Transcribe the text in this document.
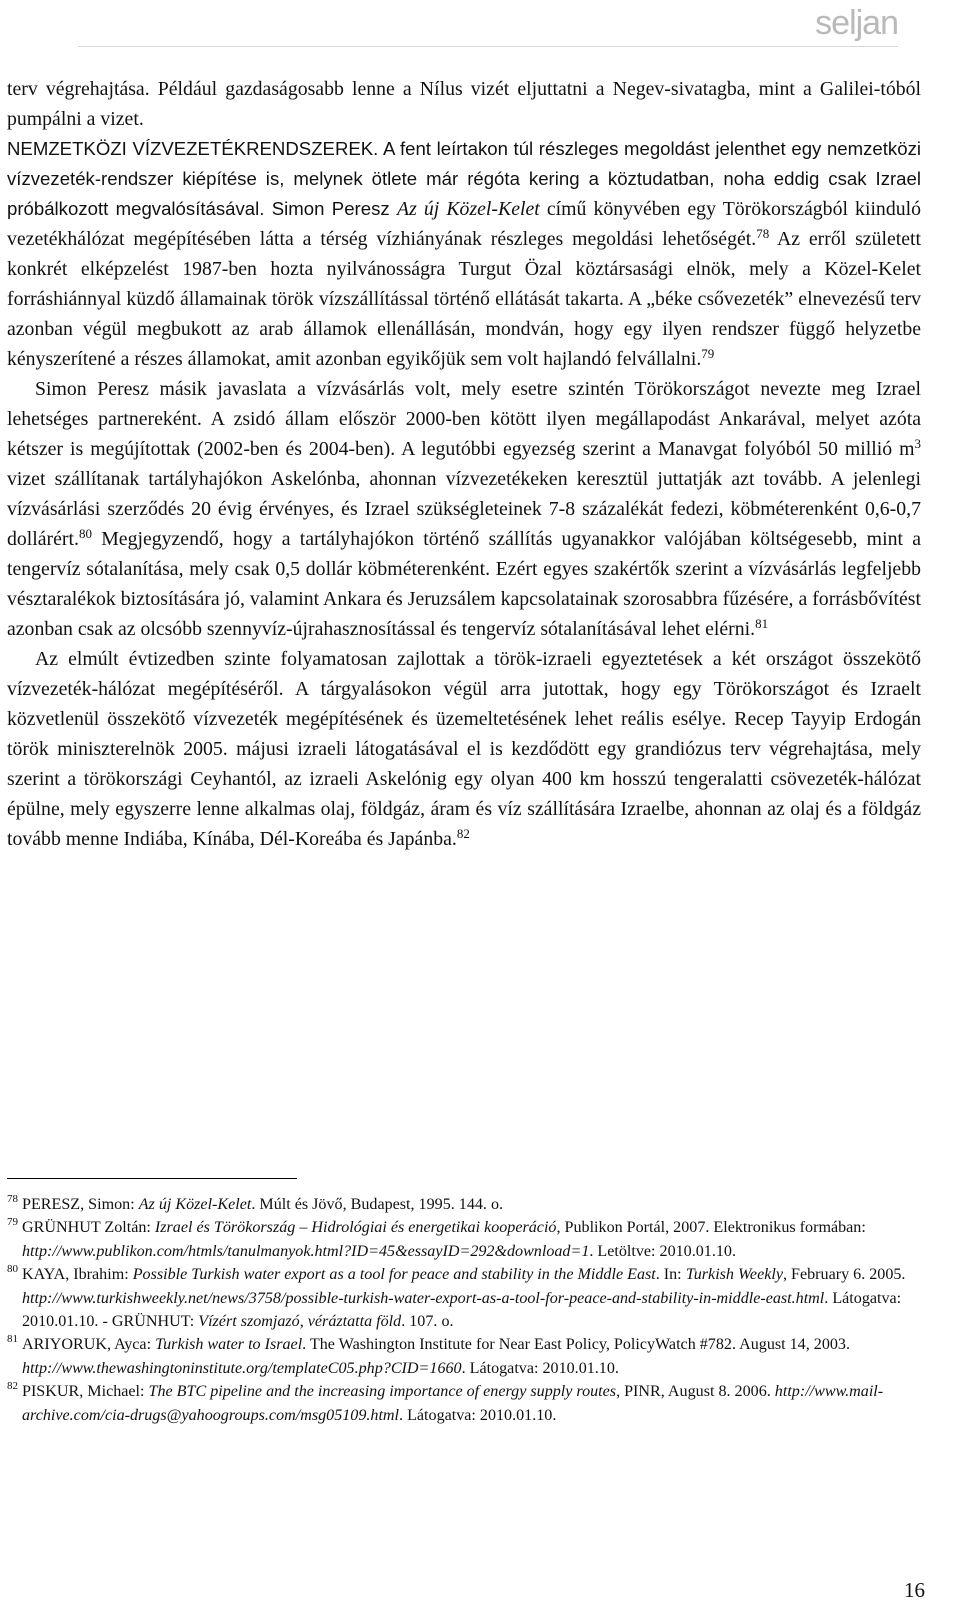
seljan

terv végrehajtása. Például gazdaságosabb lenne a Nílus vizét eljuttatni a Negev-sivatagba, mint a Galilei-tóból pumpálni a vizet.

NEMZETKÖZI VÍZVEZETÉKRENDSZEREK. A fent leírtakon túl részleges megoldást jelenthet egy nemzetközi vízvezeték-rendszer kiépítése is, melynek ötlete már régóta kering a köztudatban, noha eddig csak Izrael próbálkozott megvalósításával. Simon Peresz Az új Közel-Kelet című könyvében egy Törökországból kiinduló vezetékhálózat megépítésében látta a térség vízhiányának részleges megoldási lehetőségét.$^{78}$ Az erről született konkrét elképzelést 1987-ben hozta nyilvánosságra Turgut Özal köztársasági elnök, mely a Közel-Kelet forráshiánnyal küzdő államainak török vízszállítással történő ellátását takarta. A „béke csővezeték” elnevezésű terv azonban végül megbukott az arab államok ellenállásán, mondván, hogy egy ilyen rendszer függő helyzetbe kényszerítené a részes államokat, amit azonban egyikőjük sem volt hajlandó felvállalni.$^{79}$

Simon Peresz másik javaslata a vízvásárlás volt, mely esetre szintén Törökországot nevezte meg Izrael lehetséges partnereként. A zsidó állam először 2000-ben kötött ilyen megállapodást Ankarával, melyet azóta kétszer is megújítottak (2002-ben és 2004-ben). A legutóbbi egyezség szerint a Manavgat folyóból 50 millió $m^3$ vizet szállítanak tartályhajókon Askelónba, ahonnan vízvezetékeken keresztül juttatják azt tovább. A jelenlegi vízvásárlási szerződés 20 évig érvényes, és Izrael szükségleteinek 7-8 százalékát fedezi, köbméterenként 0,6-0,7 dollárért.$^{80}$ Megjegyzendő, hogy a tartályhajókon történő szállítás ugyanakkor valójában költségesebb, mint a tengervíz sótalanítása, mely csak 0,5 dollár köbméterenként. Ezért egyes szakértők szerint a vízvásárlás legfeljebb vésztaralékok biztosítására jó, valamint Ankara és Jeruzsálem kapcsolatainak szorosabbra fűzésére, a forrásbővítést azonban csak az olcsóbb szennyvíz-újrahasznosítással és tengervíz sótalanításával lehet elérni.$^{81}$

Az elmúlt évtizedben szinte folyamatosan zajlottak a török-izraeli egyeztetések a két országot összekötő vízvezeték-hálózat megépítéséről. A tárgyalásokon végül arra jutottak, hogy egy Törökországot és Izraelt közvetlenül összekötő vízvezeték megépítésének és üzemeltetésének lehet reális esélye. Recep Tayyip Erdogán török miniszterelnök 2005. májusi izraeli látogatásával el is kezdődött egy grandiózus terv végrehajtása, mely szerint a törökországi Ceyhantól, az izraeli Askelónig egy olyan 400 km hosszú tengeralatti csövezeték-hálózat épülne, mely egyszerre lenne alkalmas olaj, földgáz, áram és víz szállítására Izraelbe, ahonnan az olaj és a földgáz tovább menne Indiába, Kínába, Dél-Koreába és Japánba.$^{82}$

78 PERESZ, Simon: Az új Közel-Kelet. Múlt és Jövő, Budapest, 1995. 144. o.

79 GRÜNHUT Zoltán: Izrael és Törökország – Hidrológiai és energetikai kooperáció, Publikon Portál, 2007. Elektronikus formában: http://www.publikon.com/htmls/tanulmanyok.html?ID=45&essayID=292&download=1. Letöltve: 2010.01.10.

80 KAYA, Ibrahim: Possible Turkish water export as a tool for peace and stability in the Middle East. In: Turkish Weekly, February 6. 2005. http://www.turkishweekly.net/news/3758/possible-turkish-water-export-as-a-tool-for-peace-and-stability-in-middle-east.html. Látogatva: 2010.01.10. - GRÜNHUT: Vízért szomjazó, véráztatta föld. 107. o.

81 ARIYORUK, Ayca: Turkish water to Israel. The Washington Institute for Near East Policy, PolicyWatch #782. August 14, 2003. http://www.thewashingtoninstitute.org/templateC05.php?CID=1660. Látogatva: 2010.01.10.

82 PISKUR, Michael: The BTC pipeline and the increasing importance of energy supply routes, PINR, August 8. 2006. http://www.mail-archive.com/cia-drugs@yahoogroups.com/msg05109.html. Látogatva: 2010.01.10.

16
